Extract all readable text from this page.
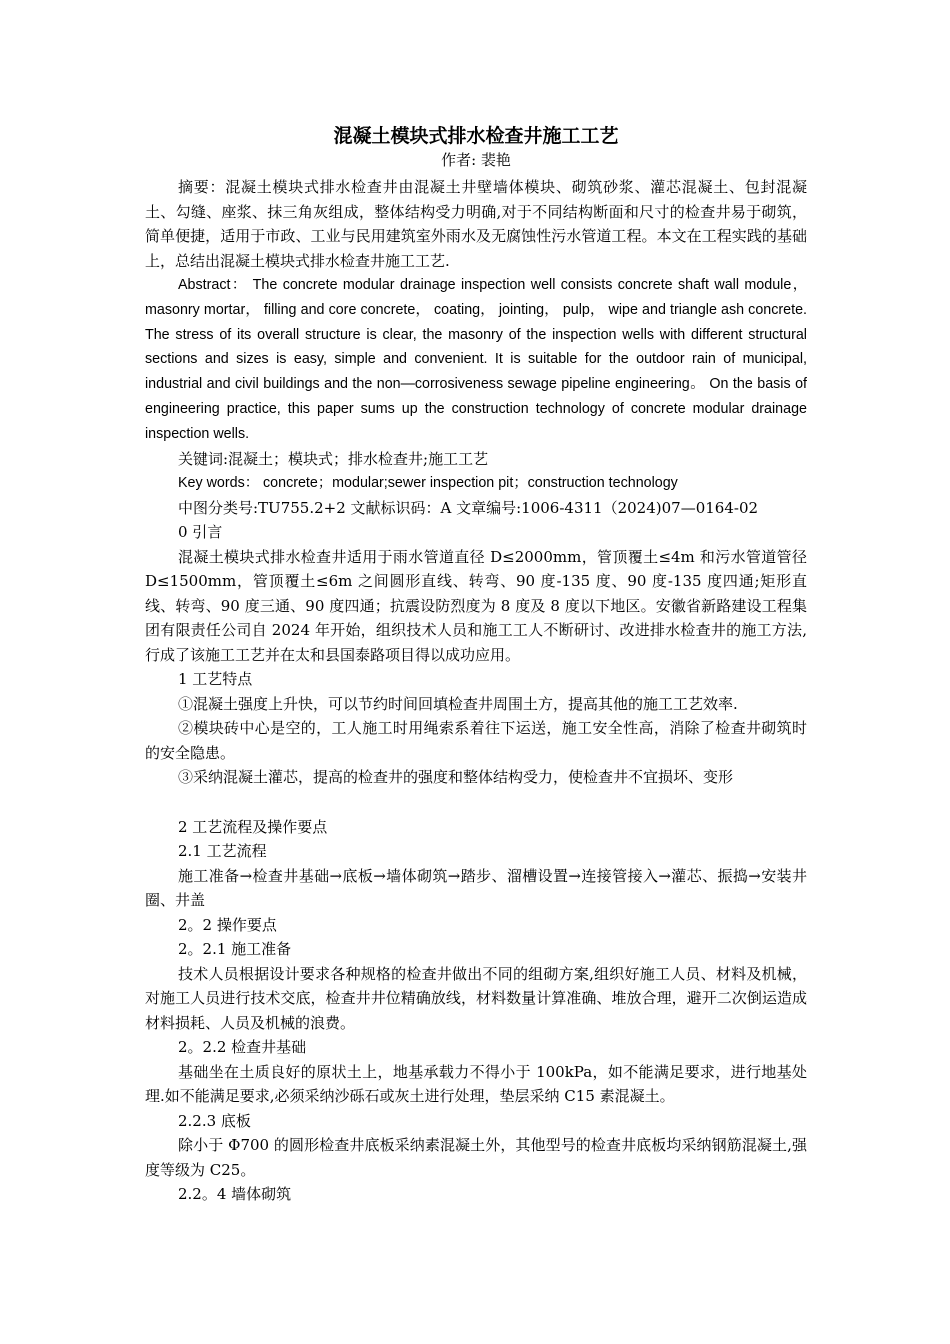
混凝土模块式排水检查井施工工艺
作者: 裴艳

摘要：混凝土模块式排水检查井由混凝土井壁墙体模块、砌筑砂浆、灌芯混凝土、包封混凝土、勾缝、座浆、抹三角灰组成，整体结构受力明确,对于不同结构断面和尺寸的检查井易于砌筑，简单便捷，适用于市政、工业与民用建筑室外雨水及无腐蚀性污水管道工程。本文在工程实践的基础上，总结出混凝土模块式排水检查井施工工艺.

Abstract： The concrete modular drainage inspection well consists concrete shaft wall module， masonry mortar， filling and core concrete， coating， jointing， pulp， wipe and triangle ash concrete. The stress of its overall structure is clear, the masonry of the inspection wells with different structural sections and sizes is easy, simple and convenient. It is suitable for the outdoor rain of municipal, industrial and civil buildings and the non—corrosiveness sewage pipeline engineering。 On the basis of engineering practice, this paper sums up the construction technology of concrete modular drainage inspection wells.

关键词:混凝土；模块式；排水检查井;施工工艺

Key words： concrete；modular;sewer inspection pit；construction technology

中图分类号:TU755.2+2 文献标识码：A 文章编号:1006-4311（2024)07—0164-02

0 引言

混凝土模块式排水检查井适用于雨水管道直径 D≤2000mm，管顶覆土≤4m 和污水管道管径 D≤1500mm，管顶覆土≤6m 之间圆形直线、转弯、90 度-135 度、90 度-135 度四通;矩形直线、转弯、90 度三通、90 度四通；抗震设防烈度为 8 度及 8 度以下地区。安徽省新路建设工程集团有限责任公司自 2024 年开始，组织技术人员和施工工人不断研讨、改进排水检查井的施工方法,行成了该施工工艺并在太和县国泰路项目得以成功应用。

1 工艺特点

①混凝土强度上升快，可以节约时间回填检查井周围土方，提高其他的施工工艺效率.

②模块砖中心是空的，工人施工时用绳索系着往下运送，施工安全性高，消除了检查井砌筑时的安全隐患。

③采纳混凝土灌芯，提高的检查井的强度和整体结构受力，使检查井不宜损坏、变形

2 工艺流程及操作要点

2.1 工艺流程

施工准备→检查井基础→底板→墙体砌筑→踏步、溜槽设置→连接管接入→灌芯、振捣→安装井圈、井盖

2。2 操作要点

2。2.1 施工准备

技术人员根据设计要求各种规格的检查井做出不同的组砌方案,组织好施工人员、材料及机械，对施工人员进行技术交底，检查井井位精确放线，材料数量计算准确、堆放合理，避开二次倒运造成材料损耗、人员及机械的浪费。

2。2.2 检查井基础

基础坐在土质良好的原状土上，地基承载力不得小于 100kPa，如不能满足要求，进行地基处理.如不能满足要求,必须采纳沙砾石或灰土进行处理，垫层采纳 C15 素混凝土。

2.2.3 底板

除小于 Φ700 的圆形检查井底板采纳素混凝土外，其他型号的检查井底板均采纳钢筋混凝土,强度等级为 C25。

2.2。4 墙体砌筑
